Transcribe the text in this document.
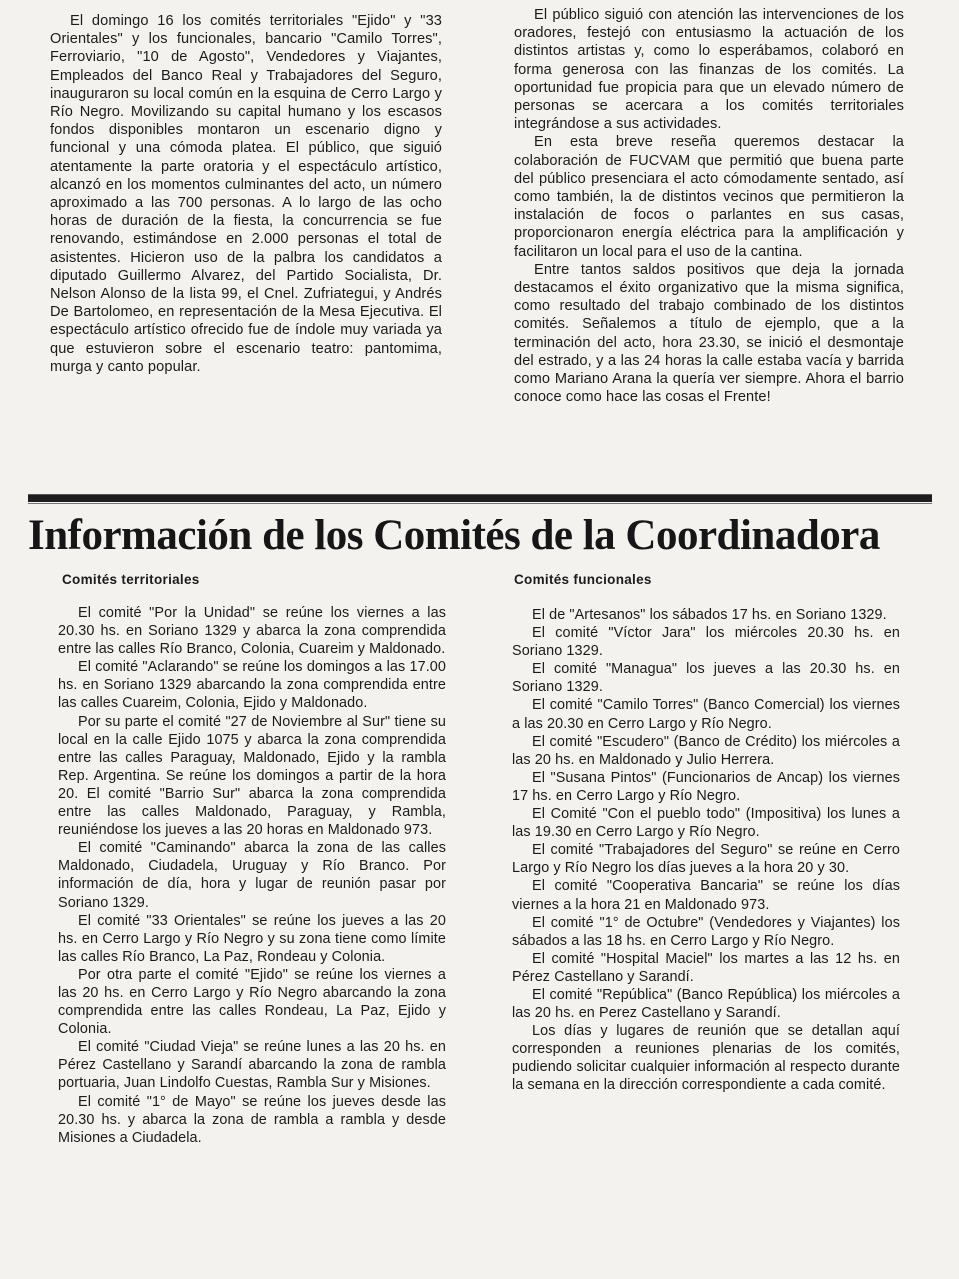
El domingo 16 los comités territoriales "Ejido" y "33 Orientales" y los funcionales, bancario "Camilo Torres", Ferroviario, "10 de Agosto", Vendedores y Viajantes, Empleados del Banco Real y Trabajadores del Seguro, inauguraron su local común en la esquina de Cerro Largo y Río Negro. Movilizando su capital humano y los escasos fondos disponibles montaron un escenario digno y funcional y una cómoda platea. El público, que siguió atentamente la parte oratoria y el espectáculo artístico, alcanzó en los momentos culminantes del acto, un número aproximado a las 700 personas. A lo largo de las ocho horas de duración de la fiesta, la concurrencia se fue renovando, estimándose en 2.000 personas el total de asistentes. Hicieron uso de la palbra los candidatos a diputado Guillermo Alvarez, del Partido Socialista, Dr. Nelson Alonso de la lista 99, el Cnel. Zufriategui, y Andrés De Bartolomeo, en representación de la Mesa Ejecutiva. El espectáculo artístico ofrecido fue de índole muy variada ya que estuvieron sobre el escenario teatro: pantomima, murga y canto popular.

El público siguió con atención las intervenciones de los oradores, festejó con entusiasmo la actuación de los distintos artistas y, como lo esperábamos, colaboró en forma generosa con las finanzas de los comités. La oportunidad fue propicia para que un elevado número de personas se acercara a los comités territoriales integrándose a sus actividades.

En esta breve reseña queremos destacar la colaboración de FUCVAM que permitió que buena parte del público presenciara el acto cómodamente sentado, así como también, la de distintos vecinos que permitieron la instalación de focos o parlantes en sus casas, proporcionaron energía eléctrica para la amplificación y facilitaron un local para el uso de la cantina.

Entre tantos saldos positivos que deja la jornada destacamos el éxito organizativo que la misma significa, como resultado del trabajo combinado de los distintos comités. Señalemos a título de ejemplo, que a la terminación del acto, hora 23.30, se inició el desmontaje del estrado, y a las 24 horas la calle estaba vacía y barrida como Mariano Arana la quería ver siempre. Ahora el barrio conoce como hace las cosas el Frente!

Información de los Comités de la Coordinadora
Comités territoriales	Comités funcionales

El comité "Por la Unidad" se reúne los viernes a las 20.30 hs. en Soriano 1329 y abarca la zona comprendida entre las calles Río Branco, Colonia, Cuareim y Maldonado.

El comité "Aclarando" se reúne los domingos a las 17.00 hs. en Soriano 1329 abarcando la zona comprendida entre las calles Cuareim, Colonia, Ejido y Maldonado.

Por su parte el comité "27 de Noviembre al Sur" tiene su local en la calle Ejido 1075 y abarca la zona comprendida entre las calles Paraguay, Maldonado, Ejido y la rambla Rep. Argentina. Se reúne los domingos a partir de la hora 20. El comité "Barrio Sur" abarca la zona comprendida entre las calles Maldonado, Paraguay, y Rambla, reuniéndose los jueves a las 20 horas en Maldonado 973.

El comité "Caminando" abarca la zona de las calles Maldonado, Ciudadela, Uruguay y Río Branco. Por información de día, hora y lugar de reunión pasar por Soriano 1329.

El comité "33 Orientales" se reúne los jueves a las 20 hs. en Cerro Largo y Río Negro y su zona tiene como límite las calles Río Branco, La Paz, Rondeau y Colonia.

Por otra parte el comité "Ejido" se reúne los viernes a las 20 hs. en Cerro Largo y Río Negro abarcando la zona comprendida entre las calles Rondeau, La Paz, Ejido y Colonia.

El comité "Ciudad Vieja" se reúne lunes a las 20 hs. en Pérez Castellano y Sarandí abarcando la zona de rambla portuaria, Juan Lindolfo Cuestas, Rambla Sur y Misiones.

El comité "1° de Mayo" se reúne los jueves desde las 20.30 hs. y abarca la zona de rambla a rambla y desde Misiones a Ciudadela.

El de "Artesanos" los sábados 17 hs. en Soriano 1329.

El comité "Víctor Jara" los miércoles 20.30 hs. en Soriano 1329.

El comité "Managua" los jueves a las 20.30 hs. en Soriano 1329.

El comité "Camilo Torres" (Banco Comercial) los viernes a las 20.30 en Cerro Largo y Río Negro.

El comité "Escudero" (Banco de Crédito) los miércoles a las 20 hs. en Maldonado y Julio Herrera.

El "Susana Pintos" (Funcionarios de Ancap) los viernes 17 hs. en Cerro Largo y Río Negro.

El Comité "Con el pueblo todo" (Impositiva) los lunes a las 19.30 en Cerro Largo y Río Negro.

El comité "Trabajadores del Seguro" se reúne en Cerro Largo y Río Negro los días jueves a la hora 20 y 30.

El comité "Cooperativa Bancaria" se reúne los días viernes a la hora 21 en Maldonado 973.

El comité "1° de Octubre" (Vendedores y Viajantes) los sábados a las 18 hs. en Cerro Largo y Río Negro.

El comité "Hospital Maciel" los martes a las 12 hs. en Pérez Castellano y Sarandí.

El comité "República" (Banco República) los miércoles a las 20 hs. en Perez Castellano y Sarandí.

Los días y lugares de reunión que se detallan aquí corresponden a reuniones plenarias de los comités, pudiendo solicitar cualquier información al respecto durante la semana en la dirección correspondiente a cada comité.
